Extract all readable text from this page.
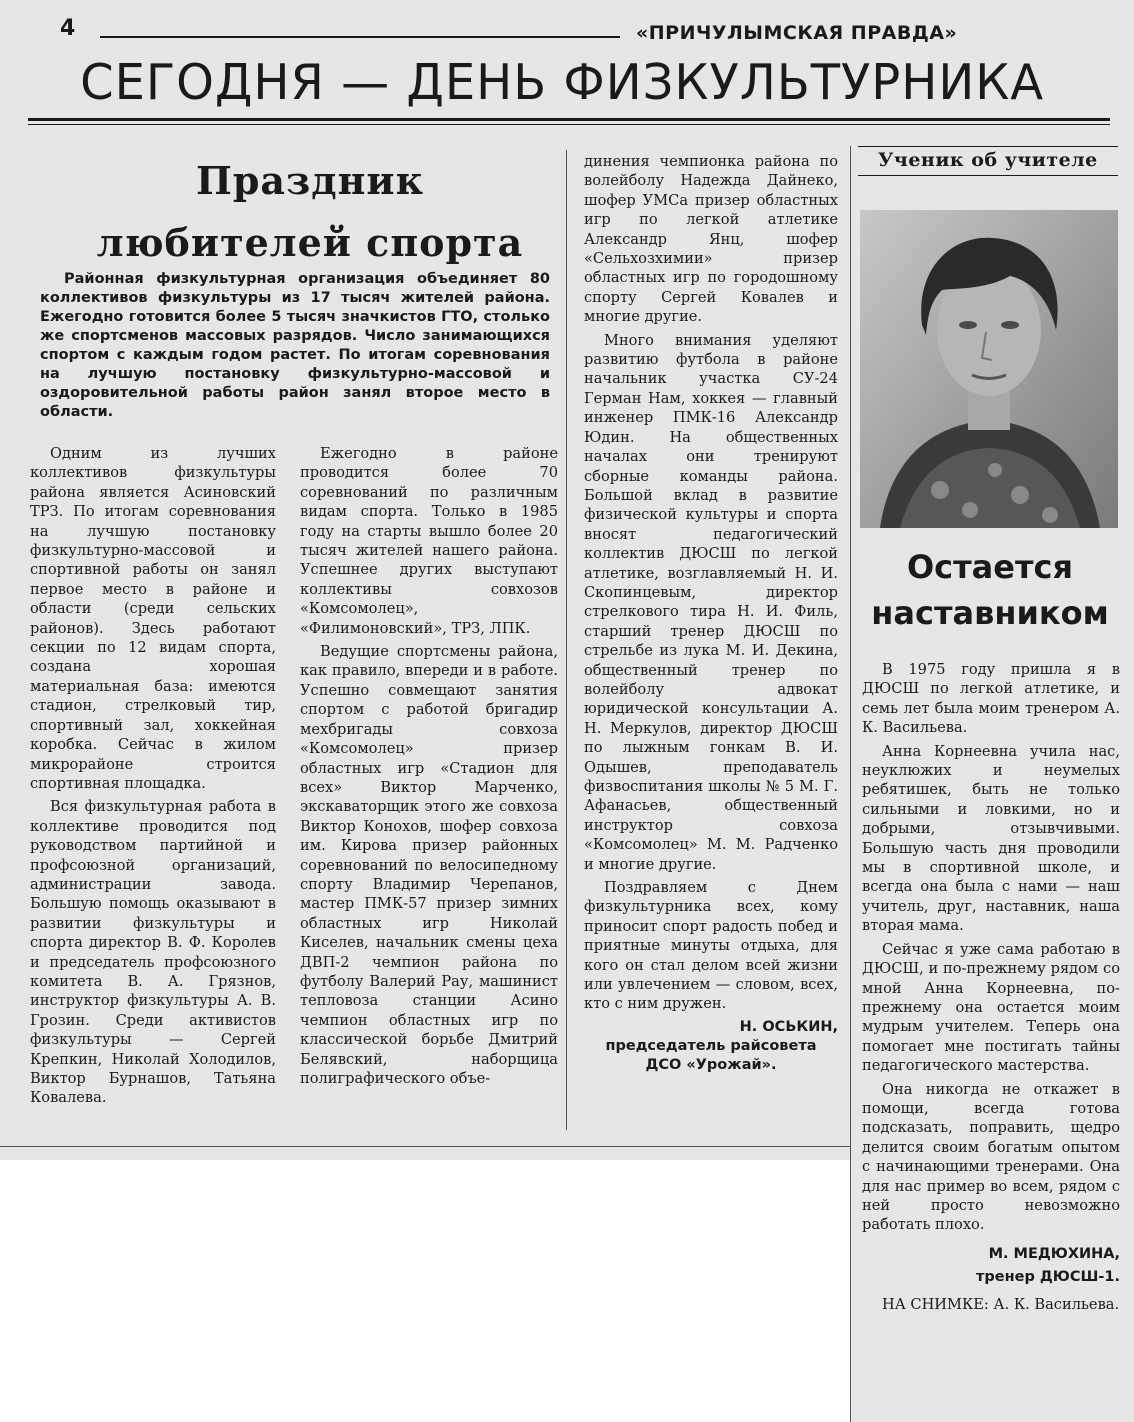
4	«ПРИЧУЛЫМСКАЯ ПРАВДА»
СЕГОДНЯ — ДЕНЬ ФИЗКУЛЬТУРНИКА
Праздник
любителей спорта

Районная физкультурная организация объединяет 80 коллективов физкультуры из 17 тысяч жителей района. Ежегодно готовится более 5 тысяч значкистов ГТО, столько же спортсменов массовых разрядов. Число занимающихся спортом с каждым годом растет. По итогам соревнования на лучшую постановку физкультурно-массовой и оздоровительной работы район занял второе место в области.

Одним из лучших коллективов физкультуры района является Асиновский ТРЗ. По итогам соревнования на лучшую постановку физкультурно-массовой и спортивной работы он занял первое место в районе и области (среди сельских районов). Здесь работают секции по 12 видам спорта, создана хорошая материальная база: имеются стадион, стрелковый тир, спортивный зал, хоккейная коробка. Сейчас в жилом микрорайоне строится спортивная площадка.

Вся физкультурная работа в коллективе проводится под руководством партийной и профсоюзной организаций, администрации завода. Большую помощь оказывают в развитии физкультуры и спорта директор В. Ф. Королев и председатель профсоюзного комитета В. А. Грязнов, инструктор физкультуры А. В. Грозин. Среди активистов физкультуры — Сергей Крепкин, Николай Холодилов, Виктор Бурнашов, Татьяна Ковалева.

Ежегодно в районе проводится более 70 соревнований по различным видам спорта. Только в 1985 году на старты вышло более 20 тысяч жителей нашего района. Успешнее других выступают коллективы совхозов «Комсомолец», «Филимоновский», ТРЗ, ЛПК.

Ведущие спортсмены района, как правило, впереди и в работе. Успешно совмещают занятия спортом с работой бригадир мехбригады совхоза «Комсомолец» призер областных игр «Стадион для всех» Виктор Марченко, экскаваторщик этого же совхоза Виктор Конохов, шофер совхоза им. Кирова призер районных соревнований по велосипедному спорту Владимир Черепанов, мастер ПМК-57 призер зимних областных игр Николай Киселев, начальник смены цеха ДВП-2 чемпион района по футболу Валерий Рау, машинист тепловоза станции Асино чемпион областных игр по классической борьбе Дмитрий Белявский, наборщица полиграфического объе-

динения чемпионка района по волейболу Надежда Дайнеко, шофер УМСа призер областных игр по легкой атлетике Александр Янц, шофер «Сельхозхимии» призер областных игр по городошному спорту Сергей Ковалев и многие другие.

Много внимания уделяют развитию футбола в районе начальник участка СУ-24 Герман Нам, хоккея — главный инженер ПМК-16 Александр Юдин. На общественных началах они тренируют сборные команды района. Большой вклад в развитие физической культуры и спорта вносят педагогический коллектив ДЮСШ по легкой атлетике, возглавляемый Н. И. Скопинцевым, директор стрелкового тира Н. И. Филь, старший тренер ДЮСШ по стрельбе из лука М. И. Декина, общественный тренер по волейболу адвокат юридической консультации А. Н. Меркулов, директор ДЮСШ по лыжным гонкам В. И. Одышев, преподаватель физвоспитания школы № 5 М. Г. Афанасьев, общественный инструктор совхоза «Комсомолец» М. М. Радченко и многие другие.

Поздравляем с Днем физкультурника всех, кому приносит спорт радость побед и приятные минуты отдыха, для кого он стал делом всей жизни или увлечением — словом, всех, кто с ним дружен.

Н. ОСЬКИН,
председатель райсовета
ДСО «Урожай».
Ученик об учителе
Остается
наставником

В 1975 году пришла я в ДЮСШ по легкой атлетике, и семь лет была моим тренером А. К. Васильева.

Анна Корнеевна учила нас, неуклюжих и неумелых ребятишек, быть не только сильными и ловкими, но и добрыми, отзывчивыми. Большую часть дня проводили мы в спортивной школе, и всегда она была с нами — наш учитель, друг, наставник, наша вторая мама.

Сейчас я уже сама работаю в ДЮСШ, и по-прежнему рядом со мной Анна Корнеевна, по-прежнему она остается моим мудрым учителем. Теперь она помогает мне постигать тайны педагогического мастерства.

Она никогда не откажет в помощи, всегда готова подсказать, поправить, щедро делится своим богатым опытом с начинающими тренерами. Она для нас пример во всем, рядом с ней просто невозможно работать плохо.

М. МЕДЮХИНА,
тренер ДЮСШ-1.

НА СНИМКЕ: А. К. Васильева.
